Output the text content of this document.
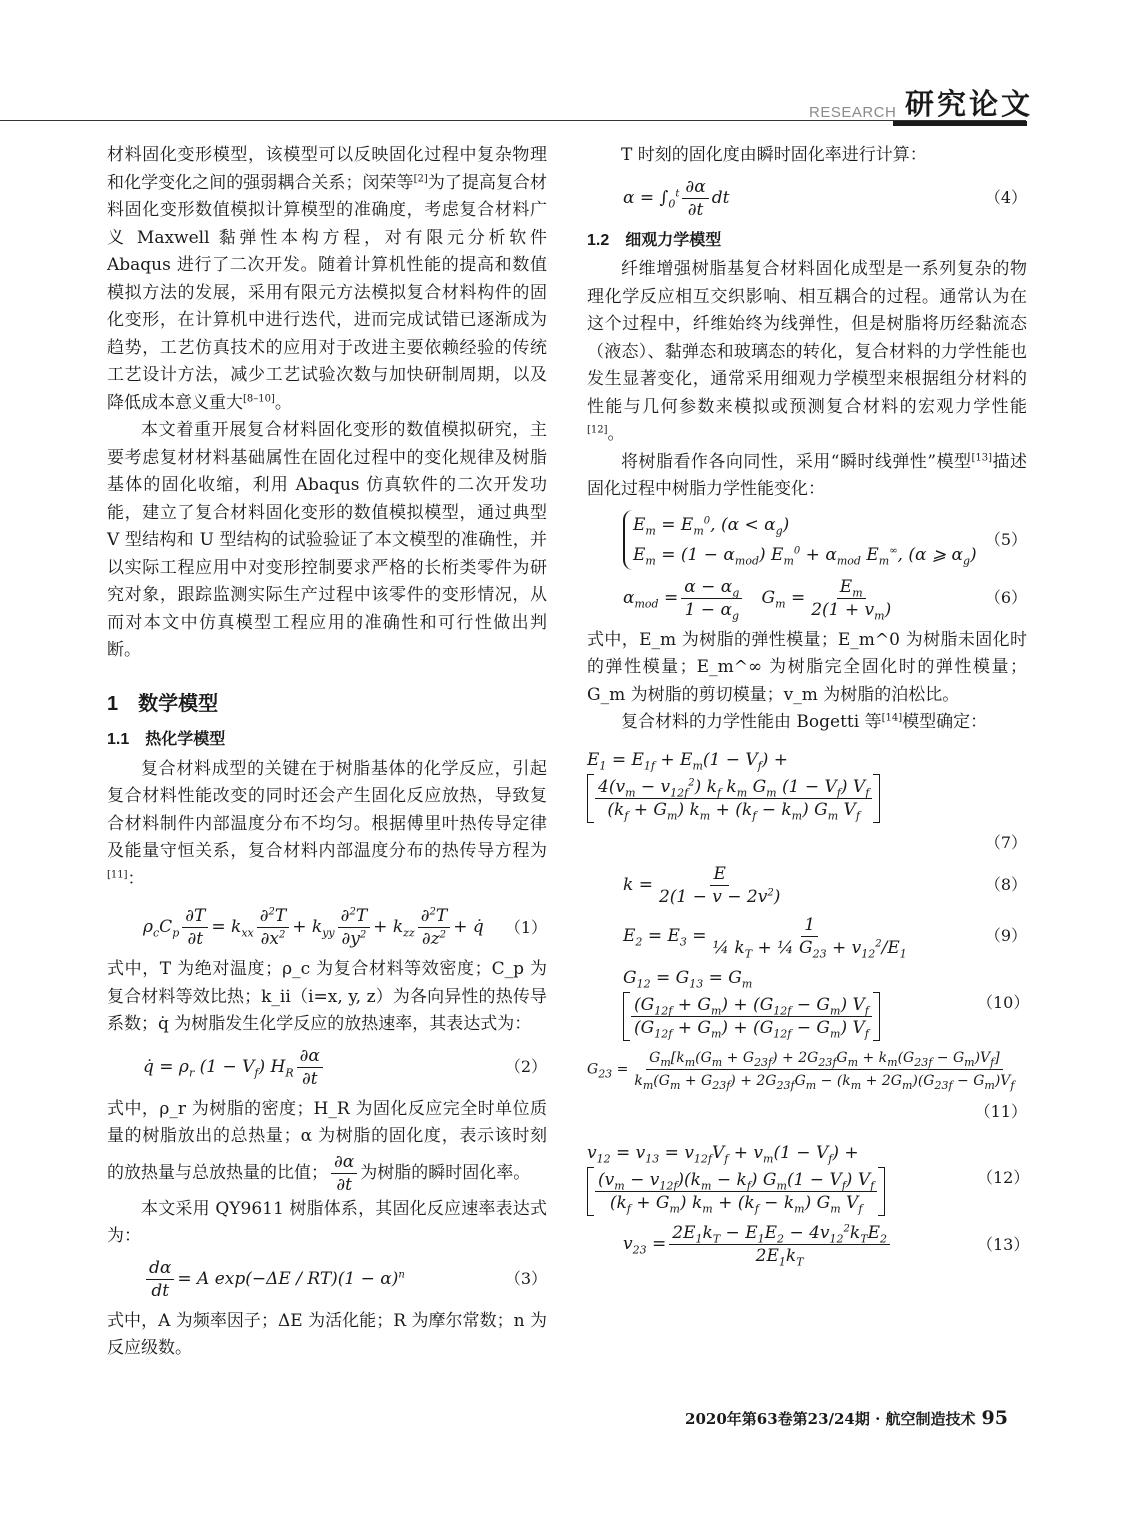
RESEARCH 研究论文

材料固化变形模型，该模型可以反映固化过程中复杂物理和化学变化之间的强弱耦合关系；闵荣等[2]为了提高复合材料固化变形数值模拟计算模型的准确度，考虑复合材料广义 Maxwell 黏弹性本构方程，对有限元分析软件 Abaqus 进行了二次开发。随着计算机性能的提高和数值模拟方法的发展，采用有限元方法模拟复合材料构件的固化变形，在计算机中进行迭代，进而完成试错已逐渐成为趋势，工艺仿真技术的应用对于改进主要依赖经验的传统工艺设计方法，减少工艺试验次数与加快研制周期，以及降低成本意义重大[8–10]。

本文着重开展复合材料固化变形的数值模拟研究，主要考虑复材材料基础属性在固化过程中的变化规律及树脂基体的固化收缩，利用 Abaqus 仿真软件的二次开发功能，建立了复合材料固化变形的数值模拟模型，通过典型 V 型结构和 U 型结构的试验验证了本文模型的准确性，并以实际工程应用中对变形控制要求严格的长桁类零件为研究对象，跟踪监测实际生产过程中该零件的变形情况，从而对本文中仿真模型工程应用的准确性和可行性做出判断。

1　数学模型
1.1　热化学模型

复合材料成型的关键在于树脂基体的化学反应，引起复合材料性能改变的同时还会产生固化反应放热，导致复合材料制件内部温度分布不均匀。根据傅里叶热传导定律及能量守恒关系，复合材料内部温度分布的热传导方程为[11]：

$\rho_cC_p \frac{\partial T}{\partial t} = k_{xx} \frac{\partial^2T}{\partial x^2} + k_{yy} \frac{\partial^2T}{\partial y^2} + k_{zz} \frac{\partial^2T}{\partial z^2}$ + q̇	（1）

式中，T 为绝对温度；ρ_c 为复合材料等效密度；C_p 为复合材料等效比热；k_ii（i=x, y, z）为各向异性的热传导系数；q̇ 为树脂发生化学反应的放热速率，其表达式为：

q̇ = $\rho_r$ $(1 - V_f)$ $H_R \frac{\partial\alpha}{\partial t}$	（2）

式中，ρ_r 为树脂的密度；H_R 为固化反应完全时单位质量的树脂放出的总热量；α 为树脂的固化度，表示该时刻的放热量与总放热量的比值； $\frac{\partial\alpha}{\partial t}$ 为树脂的瞬时固化率。

本文采用 QY9611 树脂体系，其固化反应速率表达式为：

$\frac{d\alpha}{dt} = A$ $\exp(-\Delta E / RT)(1 - \alpha)^n$	（3）

式中，A 为频率因子；ΔE 为活化能；R 为摩尔常数；n 为反应级数。

T 时刻的固化度由瞬时固化率进行计算：

$\alpha = \int_0^t \frac{\partial\alpha}{\partial t}$ dt	（4）
1.2　细观力学模型

纤维增强树脂基复合材料固化成型是一系列复杂的物理化学反应相互交织影响、相互耦合的过程。通常认为在这个过程中，纤维始终为线弹性，但是树脂将历经黏流态（液态）、黏弹态和玻璃态的转化，复合材料的力学性能也发生显著变化，通常采用细观力学模型来根据组分材料的性能与几何参数来模拟或预测复合材料的宏观力学性能[12]。

将树脂看作各向同性，采用“瞬时线弹性”模型[13]描述固化过程中树脂力学性能变化：

$E_m = E_m^0$, $(\alpha < \alpha_g)$
$E_m = (1 - \alpha_{mod}) E_m^0 + \alpha_{mod}$ $E_m^\infty$, (α ⩾ $\alpha_g$)
（5）
$\alpha_{mod} = \frac{\alpha - \alpha_g}{1 - \alpha_g} G_m = \frac{E_m}{2(1 + v_m)}$	（6）

式中，E_m 为树脂的弹性模量；E_m^0 为树脂未固化时的弹性模量；E_m^∞ 为树脂完全固化时的弹性模量；G_m 为树脂的剪切模量；v_m 为树脂的泊松比。

复合材料的力学性能由 Bogetti 等[14]模型确定：

$E_1 = E_{1f} + E_m(1 - V_f)$ +
$\frac{4(v_m - v_{12f}^2) k_f k_m G_m (1 - V_f) V_f}{(k_f + G_m) k_m + (k_f - k_m) G_m V_f}$
（7）
$k = \frac{E}{2(1 - v - 2v^2)}$	（8）
$E_2 = E_3 = \frac{1}{\frac{1}{4} k_T + \frac{1}{4} G_{23} + v_{12}^2/E_1}$	（9）
$G_{12} = G_{13} = G_m$
$\frac{(G_{12f} + G_m) + (G_{12f} - G_m) V_f}{(G_{12f} + G_m) + (G_{12f} - G_m) V_f}$	（10）
$G_{23} = \frac{G_m[k_m(G_m + G_{23f}) + 2G_{23f}G_m + k_m(G_{23f} - G_m)V_f]}{k_m(G_m + G_{23f}) + 2G_{23f}G_m - (k_m + 2G_m)(G_{23f} - G_m)V_f}$
（11）
$v_{12} = v_{13} = v_{12f}V_f + v_m(1 - V_f)$ +
$\frac{(v_m - v_{12f})(k_m - k_f) G_m(1 - V_f) V_f}{(k_f + G_m) k_m + (k_f - k_m) G_m V_f}$	（12）
$v_{23} = \frac{2E_1k_T - E_1E_2 - 4v_{12}^2k_TE_2}{2E_1k_T}$	（13）
2020年第63卷第23/24期 · 航空制造技术 95
